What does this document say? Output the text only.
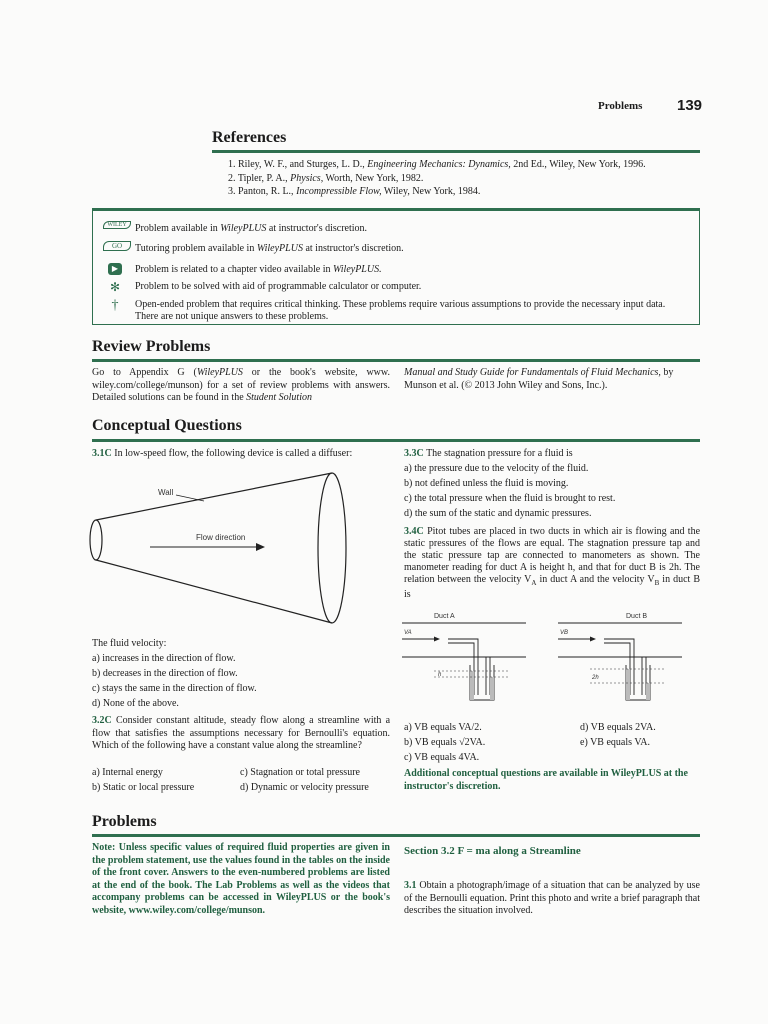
Problems 139
References
1. Riley, W. F., and Sturges, L. D., Engineering Mechanics: Dynamics, 2nd Ed., Wiley, New York, 1996.
2. Tipler, P. A., Physics, Worth, New York, 1982.
3. Panton, R. L., Incompressible Flow, Wiley, New York, 1984.
WILEY Problem available in WileyPLUS at instructor's discretion.
GO	Tutoring problem available in WileyPLUS at instructor's discretion.
▶	Problem is related to a chapter video available in WileyPLUS.
✻	Problem to be solved with aid of programmable calculator or computer.
†	Open-ended problem that requires critical thinking. These problems require various assumptions to provide the necessary input data. There are not unique answers to these problems.
Review Problems
Go to Appendix G (WileyPLUS or the book's website, www. wiley.com/college/munson) for a set of review problems with answers. Detailed solutions can be found in the Student Solution
Manual and Study Guide for Fundamentals of Fluid Mechanics, by Munson et al. (© 2013 John Wiley and Sons, Inc.).
Conceptual Questions
3.1C In low-speed flow, the following device is called a diffuser:
Wall
Flow direction
The fluid velocity:
a) increases in the direction of flow.
b) decreases in the direction of flow.
c) stays the same in the direction of flow.
d) None of the above.
3.2C Consider constant altitude, steady flow along a streamline with a flow that satisfies the assumptions necessary for Bernoulli's equation. Which of the following have a constant value along the streamline?
a) Internal energy	c) Stagnation or total pressure
b) Static or local pressure	d) Dynamic or velocity pressure
3.3C The stagnation pressure for a fluid is
a) the pressure due to the velocity of the fluid.
b) not defined unless the fluid is moving.
c) the total pressure when the fluid is brought to rest.
d) the sum of the static and dynamic pressures.
3.4C Pitot tubes are placed in two ducts in which air is flowing and the static pressures of the flows are equal. The stagnation pressure tap and the static pressure tap are connected to manometers as shown. The manometer reading for duct A is height h, and that for duct B is 2h. The relation between the velocity $V_A$ in duct A and the velocity $V_B$ in duct B is
Duct A
VA
h
Duct B
VB
2h
a) VB equals VA/2.	d) VB equals 2VA.
b) VB equals √2VA.	e) VB equals VA.
c) VB equals 4VA.
Additional conceptual questions are available in WileyPLUS at the instructor's discretion.
Problems
Note: Unless specific values of required fluid properties are given in the problem statement, use the values found in the tables on the inside of the front cover. Answers to the even-numbered problems are listed at the end of the book. The Lab Problems as well as the videos that accompany problems can be accessed in WileyPLUS or the book's website, www.wiley.com/college/munson.
Section 3.2 F = ma along a Streamline
3.1 Obtain a photograph/image of a situation that can be analyzed by use of the Bernoulli equation. Print this photo and write a brief paragraph that describes the situation involved.
